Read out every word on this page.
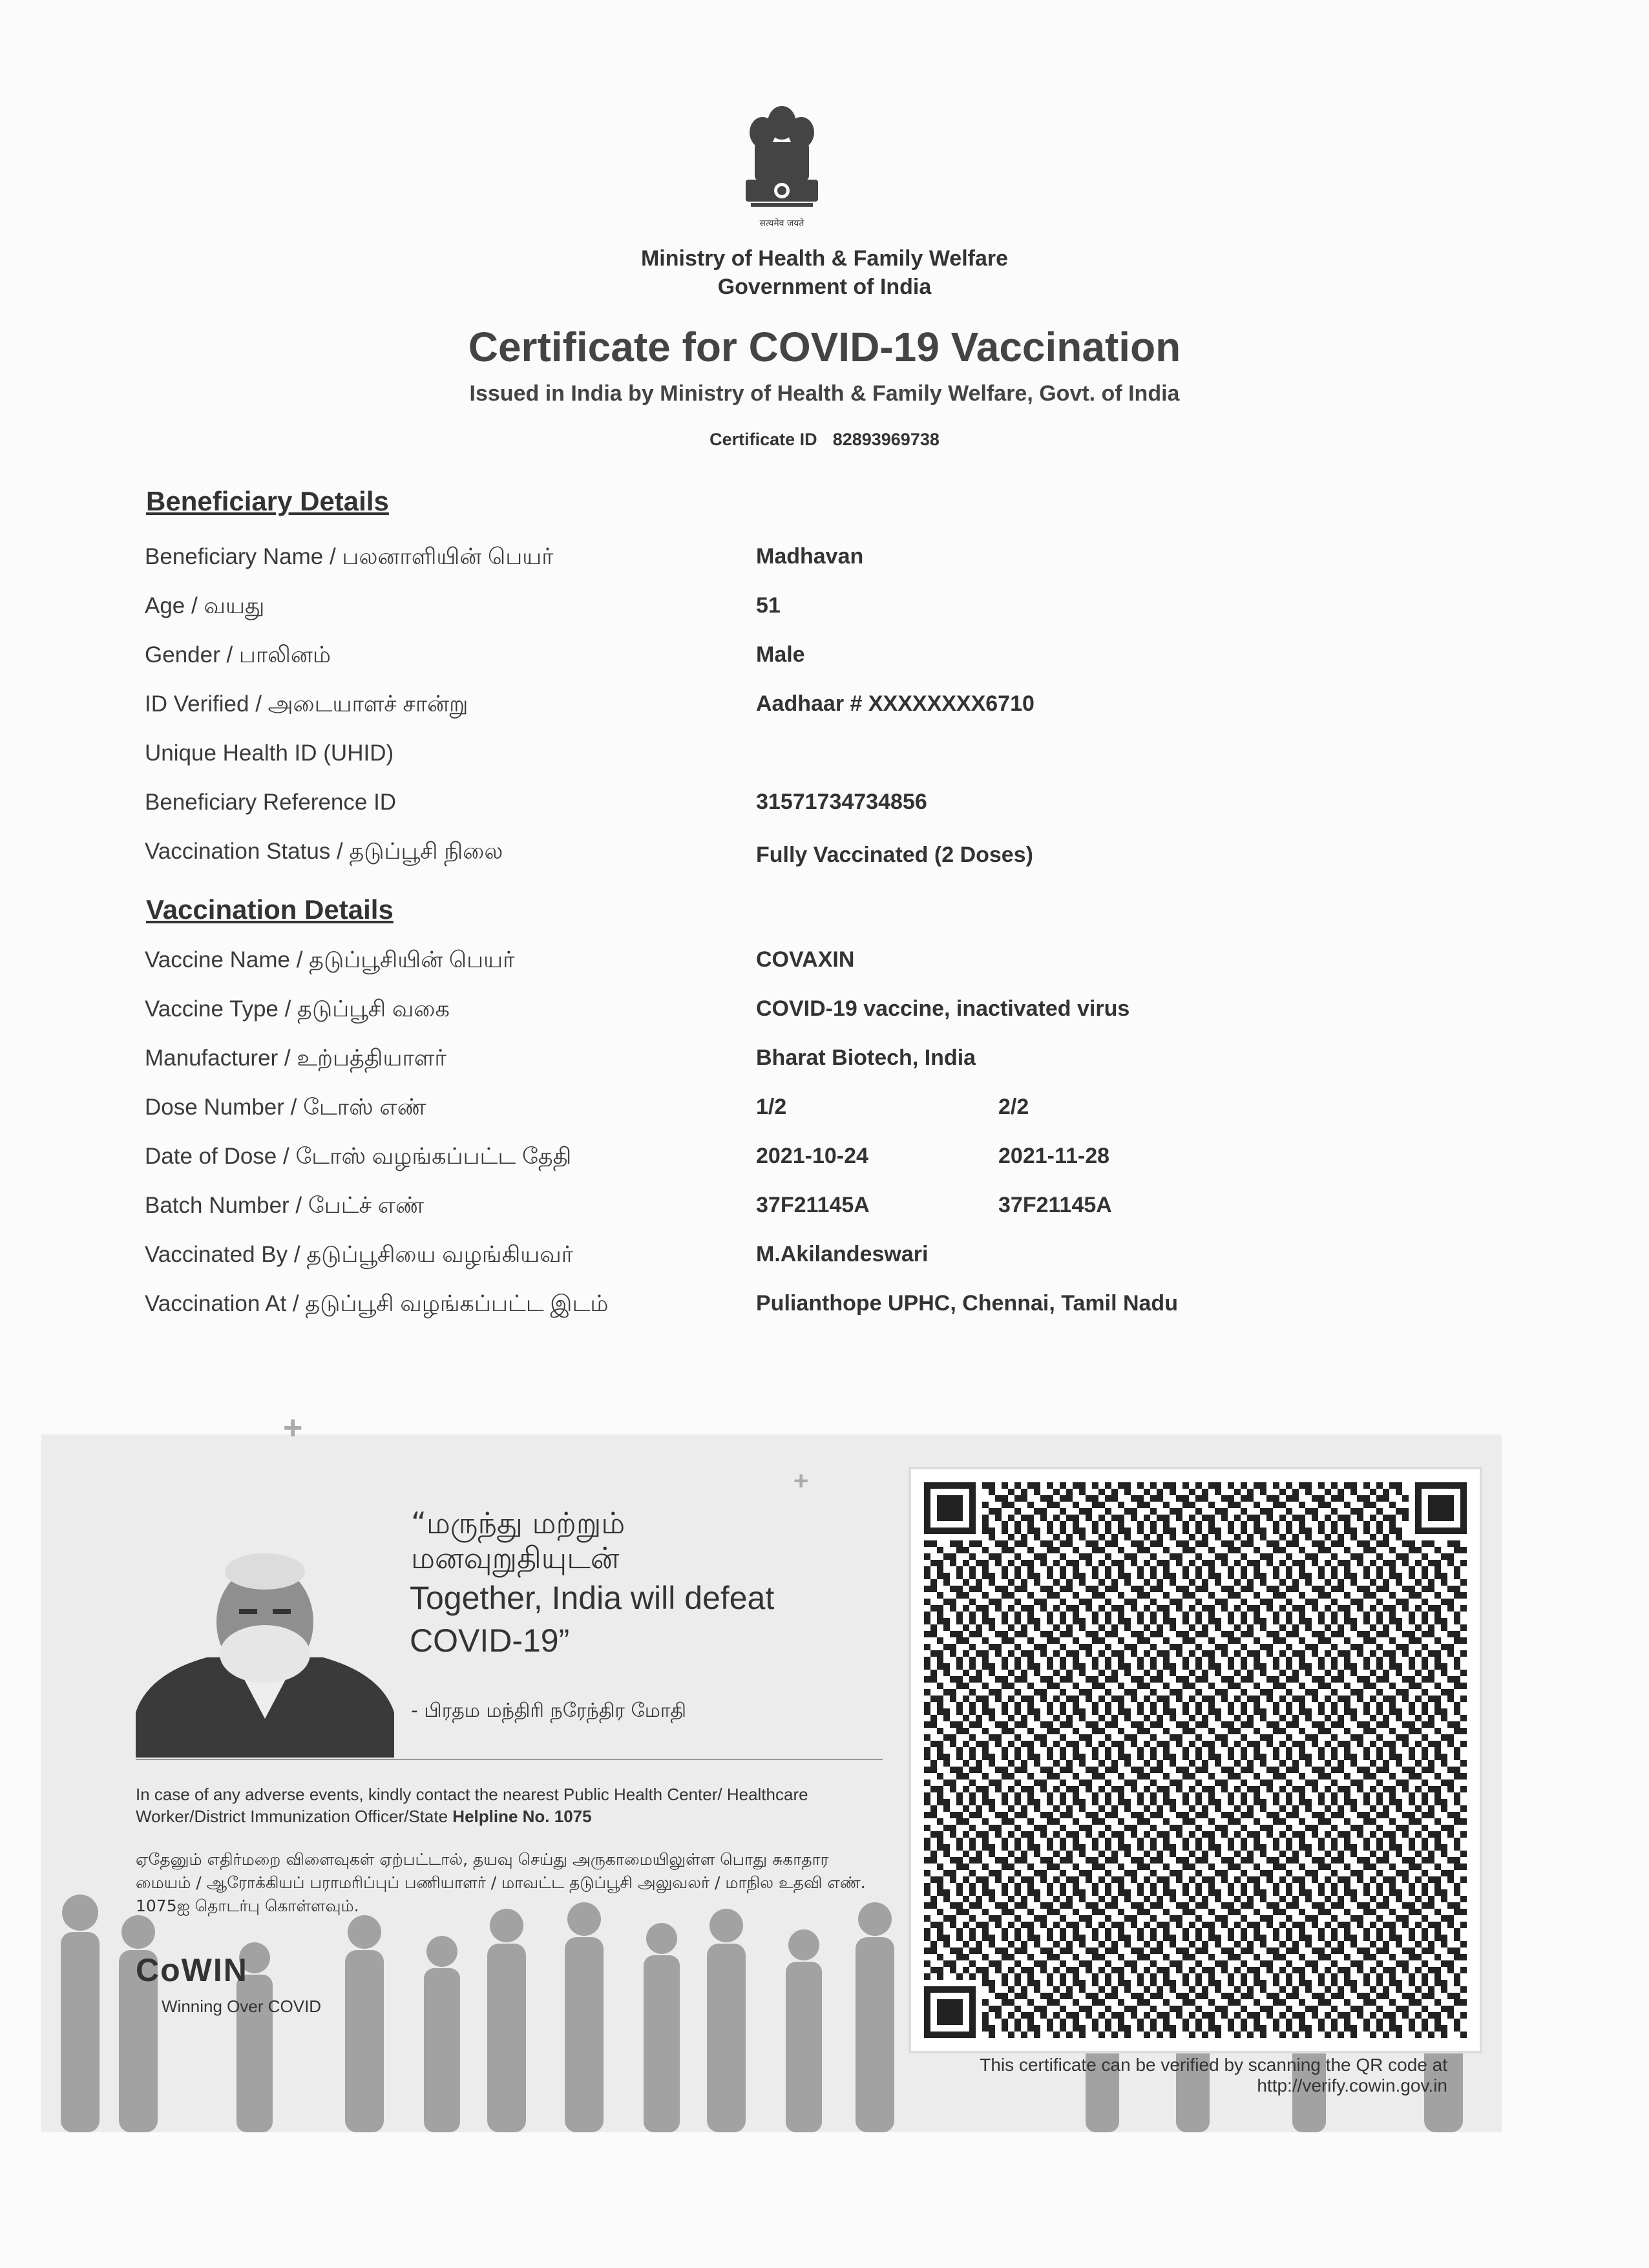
सत्यमेव जयते
Ministry of Health & Family Welfare
Government of India
Certificate for COVID-19 Vaccination
Issued in India by Ministry of Health & Family Welfare, Govt. of India
Certificate ID 82893969738
Beneficiary Details
Beneficiary Name / பலனாளியின் பெயர்	Madhavan
Age / வயது	51
Gender / பாலினம்	Male
ID Verified / அடையாளச் சான்று	Aadhaar # XXXXXXXX6710
Unique Health ID (UHID)
Beneficiary Reference ID	31571734734856
Vaccination Status / தடுப்பூசி நிலை	Fully Vaccinated (2 Doses)
Vaccination Details
Vaccine Name / தடுப்பூசியின் பெயர்	COVAXIN
Vaccine Type / தடுப்பூசி வகை	COVID-19 vaccine, inactivated virus
Manufacturer / உற்பத்தியாளர்	Bharat Biotech, India
Dose Number / டோஸ் எண்	1/2	2/2
Date of Dose / டோஸ் வழங்கப்பட்ட தேதி	2021-10-24	2021-11-28
Batch Number / பேட்ச் எண்	37F21145A	37F21145A
Vaccinated By / தடுப்பூசியை வழங்கியவர்	M.Akilandeswari
Vaccination At / தடுப்பூசி வழங்கப்பட்ட இடம்	Pulianthope UPHC, Chennai, Tamil Nadu
+
+
“மருந்து மற்றும்
மனவுறுதியுடன்
Together, India will defeat
COVID-19”
- பிரதம மந்திரி நரேந்திர மோதி
In case of any adverse events, kindly contact the nearest Public Health Center/ Healthcare Worker/District Immunization Officer/State Helpline No. 1075
ஏதேனும் எதிர்மறை விளைவுகள் ஏற்பட்டால், தயவு செய்து அருகாமையிலுள்ள பொது சுகாதார மையம் / ஆரோக்கியப் பராமரிப்புப் பணியாளர் / மாவட்ட தடுப்பூசி அலுவலர் / மாநில உதவி எண். 1075ஐ தொடர்பு கொள்ளவும்.
CoWIN
Winning Over COVID
This certificate can be verified by scanning the QR code at
http://verify.cowin.gov.in
